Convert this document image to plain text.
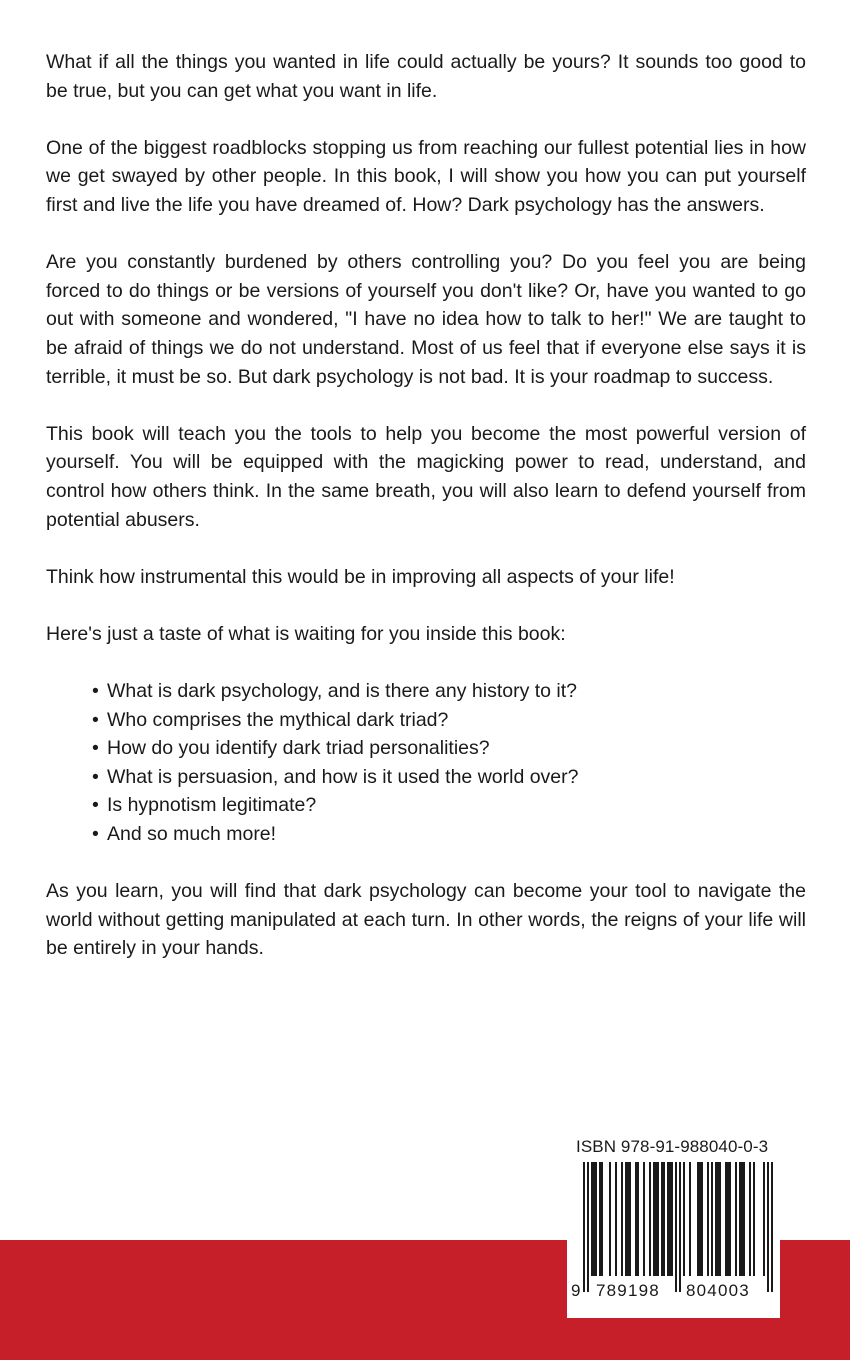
What if all the things you wanted in life could actually be yours? It sounds too good to be true, but you can get what you want in life.

One of the biggest roadblocks stopping us from reaching our fullest potential lies in how we get swayed by other people. In this book, I will show you how you can put yourself first and live the life you have dreamed of. How? Dark psychology has the answers.

Are you constantly burdened by others controlling you? Do you feel you are being forced to do things or be versions of yourself you don't like? Or, have you wanted to go out with someone and wondered, "I have no idea how to talk to her!" We are taught to be afraid of things we do not understand. Most of us feel that if everyone else says it is terrible, it must be so. But dark psychology is not bad. It is your roadmap to success.

This book will teach you the tools to help you become the most powerful version of yourself. You will be equipped with the magicking power to read, understand, and control how others think. In the same breath, you will also learn to defend yourself from potential abusers.

Think how instrumental this would be in improving all aspects of your life!

Here's just a taste of what is waiting for you inside this book:

• What is dark psychology, and is there any history to it?
• Who comprises the mythical dark triad?
• How do you identify dark triad personalities?
• What is persuasion, and how is it used the world over?
• Is hypnotism legitimate?
• And so much more!

As you learn, you will find that dark psychology can become your tool to navigate the world without getting manipulated at each turn. In other words, the reigns of your life will be entirely in your hands.

ISBN 978-91-988040-0-3
9 789198 804003
